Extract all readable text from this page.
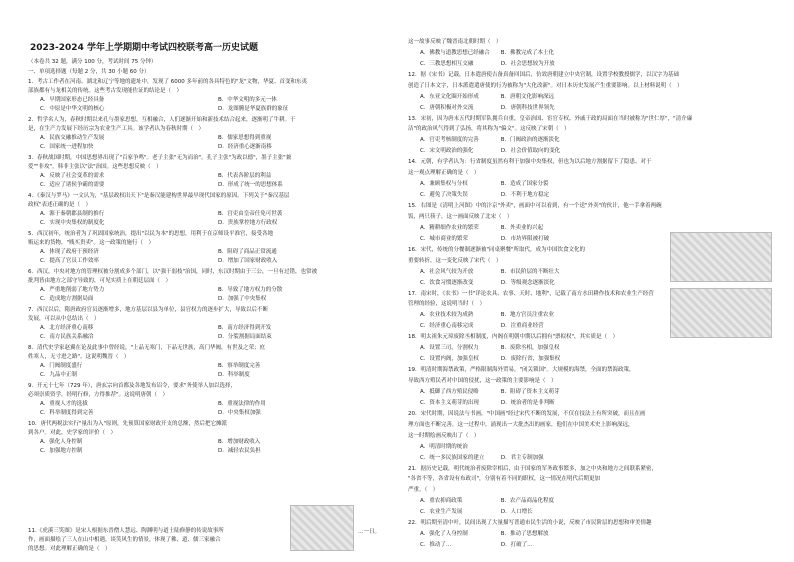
2023-2024 学年上学期期中考试四校联考高一历史试题
（本卷共 32 题，满分 100 分，考试时间 75 分钟）
一、单项选择题（每题 2 分，共 30 小题 60 分）
1．考古工作者在河南、湖北和辽宁等地的遗址中，发现了 6000 多年前的各具特色的"龙"文物，华夏、首变和东夷
部族都有与龙相关的传统。这些考古发现能佐证的结论是（　）
A．早期国家形态已经具备	B．中华文明的多元一体
C．中原是中华文明的核心	D．龙图腾是华夏族群的象征
2．哲学名人为，春秋时期以来孔与墨家思想，互相融合，人们逐渐开始和新技术结合起来，逐渐明了牛耕。于
是，在生产力发展下经历宗为农业生产工具。该学者认为春秋时期（　）
A．民族交融推动生产发展	B．儒家思想得到重视
C．国家统一进程加快	D．经济重心逐渐南移
3．春秋战国时期，中国思想界出现了"百家争鸣"。老子主张"无为而治"，孔子主张"为政以德"，墨子主张"兼
爱""非攻"，韩非主张以"法"治国。这些思想反映（　）
A．反映了社会变革的需求	B．代表各阶层的利益
C．适应了诸侯争霸的需要	D．形成了统一的思想体系
4．《秦汉与罗马》一文认为，"基层政权出天下"是秦汉能建构世界最早现代国家的原因。下列关于"秦汉基层
政权"表述正确的是（　）
A．源于秦朝郡县制的推行	B．宫吏由皇帝任免可世袭
C．实现中央集权的制度化	D．贵族掌控地方行政权
5．西汉初年，统治者为了巩固国家统治，提出"以民为本"的思想，用利于在京师设平准官，接受各地
贩运来的货物，"贱买贵卖"。这一政策的施行（　）
A．体现了政府干预经济	B．阻碍了商品正常流通
C．提高了官员工作效率	D．增加了国家财政收入
6．西汉，中央对地方的管理权被分割成多个部门，以"强干弱枝"治国，同时，东汉时期由于三公，一旦有过错，也常被
批判皆由地方之部守导致的，可见实质上在朝廷层面（　）
A．严重地削弱了地方势力	B．导致了地方权力的分散
C．造成地方割据局面	D．加强了中央集权
7．西汉以后，隋唐政府官员逐渐增多，地方基层以县为单位，县官权力的逐步扩大，导致以后不断
发展，可以从中总结出（　）
A．北方经济重心南移	B．南方经济得到开发
C．南方民族关系融洽	D．分裂割据局面结束
8．清代史学家赵翼在论及此事中曾经说，"上品无寒门，下品无世族，高门华阀，有世及之荣；庶
姓寒人，无寸进之路"。这说明魏晋（　）
A．门阀制度盛行	B．察举制度完善
C．九品中正制	D．科举制度
9．开元十七年（729 年），唐玄宗向首都及各地发布诏令，要求"务使举人加以选择，
必须崇质资学，经明行修，方得推荐"。这说明唐朝（　）
A．重视人才的选拔	B．重视法律的作用
C．科举制度得到完善	D．中央集权加强
10．唐代两税法实行"量出为入"原则，先预算国家财政开支的总额，然后把它摊派
到各户。对此，史学家的评价（　）
A．强化人身控制	B．增加财政收入
C．加强地方控制	D．减轻农民负担
11.《虎溪三笑图》是宋人根据东晋僧人慧远、陶渊明与道士陆修静的传说故事所
作，画面描绘了三人在山中相遇，谈笑风生的情景，体现了佛、道、儒三家融合
的思想。对此理解正确的是（　）
…一日。
这一故事反映了魏晋南北朝时期（　）
A．佛教与道教思想已经融合　　B．佛教完成了本土化
C．三教思想相互交融　　　　　D．社会思想较为开放
12．据《宋书》记载，日本遣唐使吉备真备回国后，仿效唐朝建立中央官制，设置学校教授儒学，以汉字为基础
创造了日本文字，日本派遣遣唐使的行为被称为"大化改新"。对日本历史发展产生重要影响。以上材料说明（　）
A．东亚文化圈开始形成　　　　B．唐朝文化影响深远
C．唐朝积极对外交流　　　　　D．唐朝科技世界领先
13．宋初，因为唐末五代时期军队拥兵自重，皇帝治国、宦官专权、外戚干政的局面在当时被称为"世仁厚"，"清介廉
洁"的政治风气得到了弘扬，将其称为"偏文"。这反映了宋朝（　）
A．官吏考核制度的完善　　　　B．门阀政治的逐渐淡化
C．宋文明政治的强化　　　　　D．社会价值取向的变化
14．元朝，有学者认为：行省制度虽然有利于加强中央集权，但也为以后地方割据留下了隐患。对于
这一观点理解正确的是（　）
A．兼顾集权与分权　　　　　　B．造成了国家分裂
C．避免了决策失误　　　　　　D．不利于地方稳定
15．右图是《清明上河图》中的汴京"外卖"，画面中可以看到，有一个送"外卖"的伙计，他一手拿着两碗
饭，两只筷子，这一画面反映了北宋（　）
A．精耕细作农业的繁荣　　　　B．外卖业的兴起
C．城市商业的繁荣　　　　　　D．市坊界限被打破
16．宋代，传统的分餐制逐渐被"同桌聚餐"所取代，成为中国饮食文化的
重要转折，这一变化反映了宋代（　）
A．社会风气较为开放　　　　　B．市民阶层的不断壮大
C．饮食习惯逐渐改变　　　　　D．等级观念逐渐淡化
17．南宋时，《农书》一书"详论农具、农事、天时、地利"，记载了南方水田耕作技术和农业生产经营
管理的经验，这说明当时（　）
A．农业技术较为成熟　　　　　B．地方官员注重农业
C．经济重心南移完成　　　　　D．注重商业经营
18．明太祖朱元璋废除丞相制度，内阁在明朝中期以后拥有"票拟权"，其实质是（　）
A．设置三司，分割权力　　　　B．废除丞相，加强皇权
C．设置内阁，加强皇权　　　　D．废除行省，加强集权
19．明清时期海禁政策，严格限制海外贸易，"闭关锁国"。大规模的海禁，全面的禁海政策，
导致西方殖民者对中国的侵扰，这一政策的主要影响是（　）
A．抵御了西方殖民侵略　　　　B．阻碍了资本主义萌芽
C．资本主义萌芽的出现　　　　D．统治者的是非判断
20．宋代时期，因说法与书画，"中国画"经过宋代不断的发展，不仅在技法上有所突破，而且在画
理方面也不断完善，这一过程中，涌现出一大批杰出的画家，他们在中国美术史上影响深远，
这一时期绘画反映出了（　）
A．明清时期的统治
C．统一多民族国家的建立　　　D．君主专制加强
21．据历史记载，明代统治者废除宰相后，由于国家的军务政事繁多，加之中央和地方之间联系紧密，
"各省不等，各省设有布政司"，分别有着不同的职权，这一情况在明代后期更加
严重。（　）
A．重农抑商政策　　　　　　　B．农产品商品化程度
C．农业生产发展　　　　　　　D．人口增长
22．明后期至清中叶，民间出现了大量描写普通市民生活的小说，反映了市民阶层的思想和审美情趣
A．强化了人身控制　　　　　　B．推动了思想解放
C．推动了…　　　　　　　　　D．打破了…
